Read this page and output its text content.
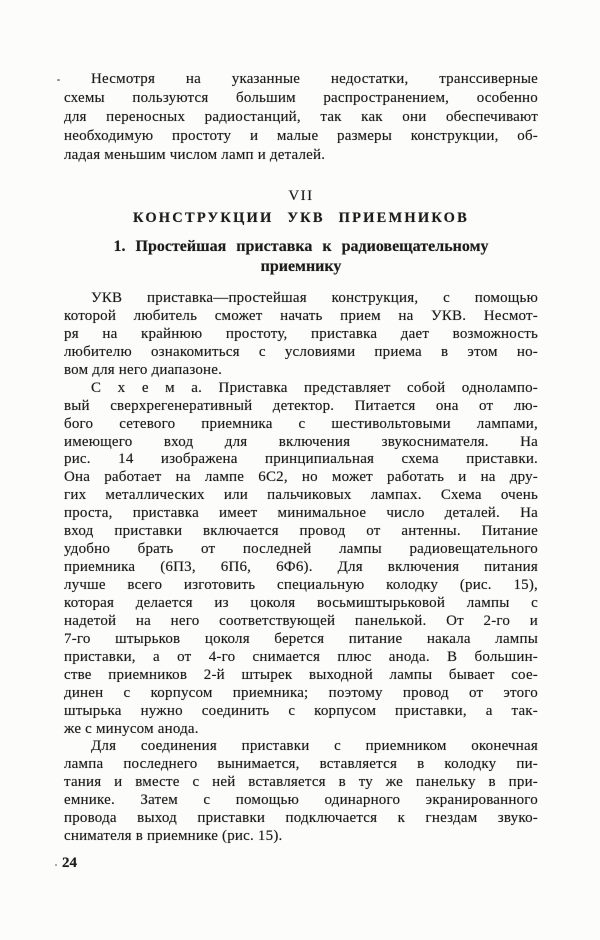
Несмотря на указанные недостатки, транссиверные
схемы пользуются большим распространением, особенно
для переносных радиостанций, так как они обеспечивают
необходимую простоту и малые размеры конструкции, об-
ладая меньшим числом ламп и деталей.
VII
КОНСТРУКЦИИ УКВ ПРИЕМНИКОВ
1. Простейшая приставка к радиовещательному
приемнику
УКВ приставка—простейшая конструкция, с помощью
которой любитель сможет начать прием на УКВ. Несмот-
ря на крайнюю простоту, приставка дает возможность
любителю ознакомиться с условиями приема в этом но-
вом для него диапазоне.
С х е м а. Приставка представляет собой однолампо-
вый сверхрегенеративный детектор. Питается она от лю-
бого сетевого приемника с шестивольтовыми лампами,
имеющего вход для включения звукоснимателя. На
рис. 14 изображена принципиальная схема приставки.
Она работает на лампе 6С2, но может работать и на дру-
гих металлических или пальчиковых лампах. Схема очень
проста, приставка имеет минимальное число деталей. На
вход приставки включается провод от антенны. Питание
удобно брать от последней лампы радиовещательного
приемника (6П3, 6П6, 6Ф6). Для включения питания
лучше всего изготовить специальную колодку (рис. 15),
которая делается из цоколя восьмиштырьковой лампы с
надетой на него соответствующей панелькой. От 2-го и
7-го штырьков цоколя берется питание накала лампы
приставки, а от 4-го снимается плюс анода. В большин-
стве приемников 2-й штырек выходной лампы бывает сое-
динен с корпусом приемника; поэтому провод от этого
штырька нужно соединить с корпусом приставки, а так-
же с минусом анода.
Для соединения приставки с приемником оконечная
лампа последнего вынимается, вставляется в колодку пи-
тания и вместе с ней вставляется в ту же панельку в при-
емнике. Затем с помощью одинарного экранированного
провода выход приставки подключается к гнездам звуко-
снимателя в приемнике (рис. 15).
24
